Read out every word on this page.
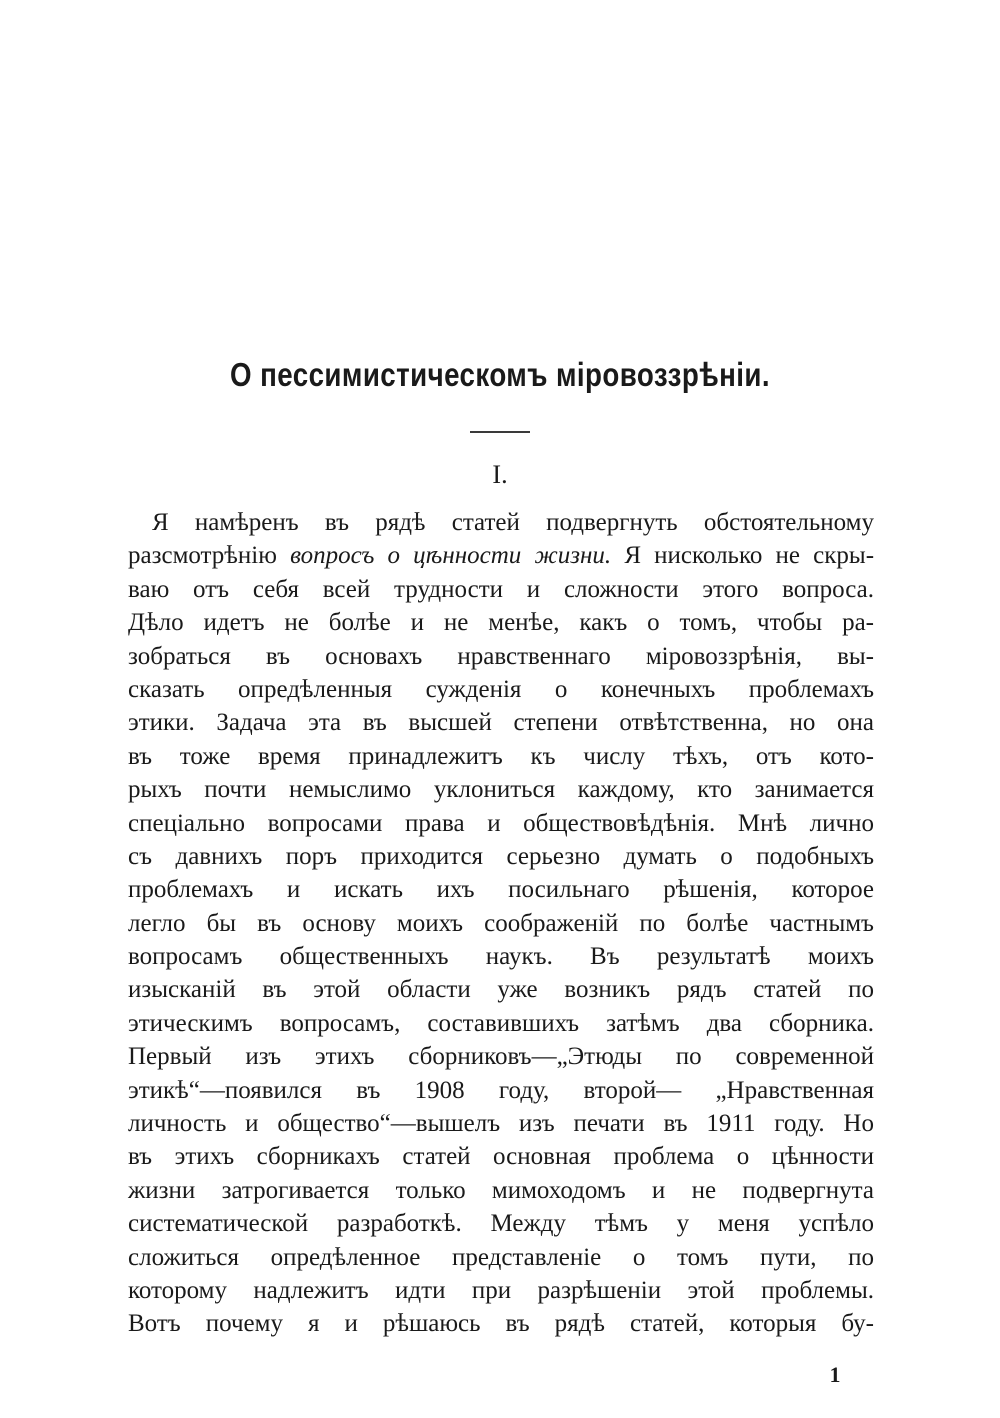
О пессимистическомъ міровоззрѣніи.
I.
Я намѣренъ въ рядѣ статей подвергнуть обстоятельному
разсмотрѣнію вопросъ о цѣнности жизни. Я нисколько не скры-
ваю отъ себя всей трудности и сложности этого вопроса.
Дѣло идетъ не болѣе и не менѣе, какъ о томъ, чтобы ра-
зобраться въ основахъ нравственнаго міровоззрѣнія, вы-
сказать опредѣленныя сужденія о конечныхъ проблемахъ
этики. Задача эта въ высшей степени отвѣтственна, но она
въ тоже время принадлежитъ къ числу тѣхъ, отъ кото-
рыхъ почти немыслимо уклониться каждому, кто занимается
спеціально вопросами права и обществовѣдѣнія. Мнѣ лично
съ давнихъ поръ приходится серьезно думать о подобныхъ
проблемахъ и искать ихъ посильнаго рѣшенія, которое
легло бы въ основу моихъ соображеній по болѣе частнымъ
вопросамъ общественныхъ наукъ. Въ результатѣ моихъ
изысканій въ этой области уже возникъ рядъ статей по
этическимъ вопросамъ, составившихъ затѣмъ два сборника.
Первый изъ этихъ сборниковъ—„Этюды по современной
этикѣ“—появился въ 1908 году, второй— „Нравственная
личность и общество“—вышелъ изъ печати въ 1911 году. Но
въ этихъ сборникахъ статей основная проблема о цѣнности
жизни затрогивается только мимоходомъ и не подвергнута
систематической разработкѣ. Между тѣмъ у меня успѣло
сложиться опредѣленное представленіе о томъ пути, по
которому надлежитъ идти при разрѣшеніи этой проблемы.
Вотъ почему я и рѣшаюсь въ рядѣ статей, которыя бу-
1
